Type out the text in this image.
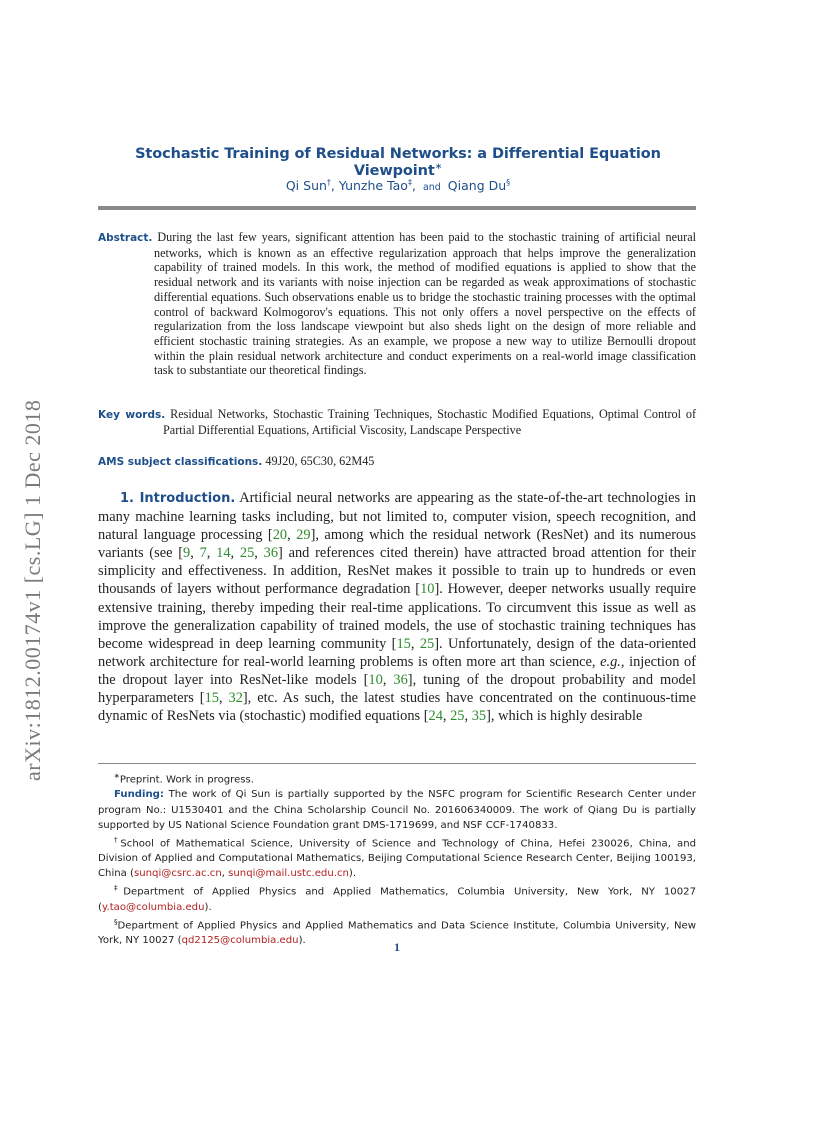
arXiv:1812.00174v1 [cs.LG] 1 Dec 2018
Stochastic Training of Residual Networks: a Differential Equation Viewpoint∗
Qi Sun†, Yunzhe Tao‡, and Qiang Du§
Abstract. During the last few years, significant attention has been paid to the stochastic training of artificial neural networks, which is known as an effective regularization approach that helps improve the generalization capability of trained models. In this work, the method of modified equations is applied to show that the residual network and its variants with noise injection can be regarded as weak approximations of stochastic differential equations. Such observations enable us to bridge the stochastic training processes with the optimal control of backward Kolmogorov's equations. This not only offers a novel perspective on the effects of regularization from the loss landscape viewpoint but also sheds light on the design of more reliable and efficient stochastic training strategies. As an example, we propose a new way to utilize Bernoulli dropout within the plain residual network architecture and conduct experiments on a real-world image classification task to substantiate our theoretical findings.
Key words. Residual Networks, Stochastic Training Techniques, Stochastic Modified Equations, Optimal Control of Partial Differential Equations, Artificial Viscosity, Landscape Perspective
AMS subject classifications. 49J20, 65C30, 62M45
1. Introduction. Artificial neural networks are appearing as the state-of-the-art technologies in many machine learning tasks including, but not limited to, computer vision, speech recognition, and natural language processing [20, 29], among which the residual network (ResNet) and its numerous variants (see [9, 7, 14, 25, 36] and references cited therein) have attracted broad attention for their simplicity and effectiveness. In addition, ResNet makes it possible to train up to hundreds or even thousands of layers without performance degradation [10]. However, deeper networks usually require extensive training, thereby impeding their real-time applications. To circumvent this issue as well as improve the generalization capability of trained models, the use of stochastic training techniques has become widespread in deep learning community [15, 25]. Unfortunately, design of the data-oriented network architecture for real-world learning problems is often more art than science, e.g., injection of the dropout layer into ResNet-like models [10, 36], tuning of the dropout probability and model hyperparameters [15, 32], etc. As such, the latest studies have concentrated on the continuous-time dynamic of ResNets via (stochastic) modified equations [24, 25, 35], which is highly desirable

∗Preprint. Work in progress.

Funding: The work of Qi Sun is partially supported by the NSFC program for Scientific Research Center under program No.: U1530401 and the China Scholarship Council No. 201606340009. The work of Qiang Du is partially supported by US National Science Foundation grant DMS-1719699, and NSF CCF-1740833.

†School of Mathematical Science, University of Science and Technology of China, Hefei 230026, China, and Division of Applied and Computational Mathematics, Beijing Computational Science Research Center, Beijing 100193, China (sunqi@csrc.ac.cn, sunqi@mail.ustc.edu.cn).

‡Department of Applied Physics and Applied Mathematics, Columbia University, New York, NY 10027 (y.tao@columbia.edu).

§Department of Applied Physics and Applied Mathematics and Data Science Institute, Columbia University, New York, NY 10027 (qd2125@columbia.edu).	1
